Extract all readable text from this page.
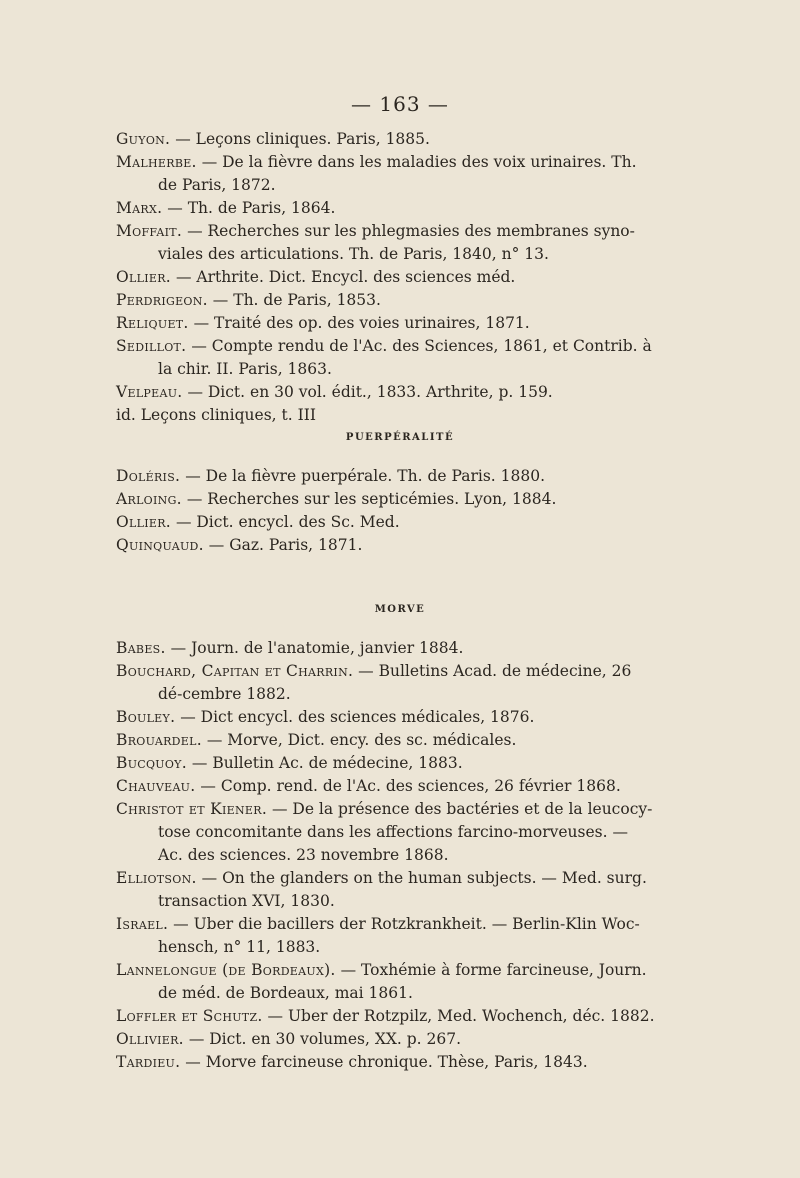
— 163 —
Guyon. — Leçons cliniques. Paris, 1885.
Malherbe. — De la fièvre dans les maladies des voix urinaires. Th. de Paris, 1872.
Marx. — Th. de Paris, 1864.
Moffait. — Recherches sur les phlegmasies des membranes syno-viales des articulations. Th. de Paris, 1840, n° 13.
Ollier. — Arthrite. Dict. Encycl. des sciences méd.
Perdrigeon. — Th. de Paris, 1853.
Reliquet. — Traité des op. des voies urinaires, 1871.
Sedillot. — Compte rendu de l'Ac. des Sciences, 1861, et Contrib. à la chir. II. Paris, 1863.
Velpeau. — Dict. en 30 vol. édit., 1833. Arthrite, p. 159.
id. Leçons cliniques, t. III
PUERPÉRALITÉ
Doléris. — De la fièvre puerpérale. Th. de Paris. 1880.
Arloing. — Recherches sur les septicémies. Lyon, 1884.
Ollier. — Dict. encycl. des Sc. Med.
Quinquaud. — Gaz. Paris, 1871.
MORVE
Babes. — Journ. de l'anatomie, janvier 1884.
Bouchard, Capitan et Charrin. — Bulletins Acad. de médecine, 26 dé-cembre 1882.
Bouley. — Dict encycl. des sciences médicales, 1876.
Brouardel. — Morve, Dict. ency. des sc. médicales.
Bucquoy. — Bulletin Ac. de médecine, 1883.
Chauveau. — Comp. rend. de l'Ac. des sciences, 26 février 1868.
Christot et Kiener. — De la présence des bactéries et de la leucocy-tose concomitante dans les affections farcino-morveuses. — Ac. des sciences. 23 novembre 1868.
Elliotson. — On the glanders on the human subjects. — Med. surg. transaction XVI, 1830.
Israel. — Uber die bacillers der Rotzkrankheit. — Berlin-Klin Woc-hensch, n° 11, 1883.
Lannelongue (de Bordeaux). — Toxhémie à forme farcineuse, Journ. de méd. de Bordeaux, mai 1861.
Loffler et Schutz. — Uber der Rotzpilz, Med. Wochench, déc. 1882.
Ollivier. — Dict. en 30 volumes, XX. p. 267.
Tardieu. — Morve farcineuse chronique. Thèse, Paris, 1843.
